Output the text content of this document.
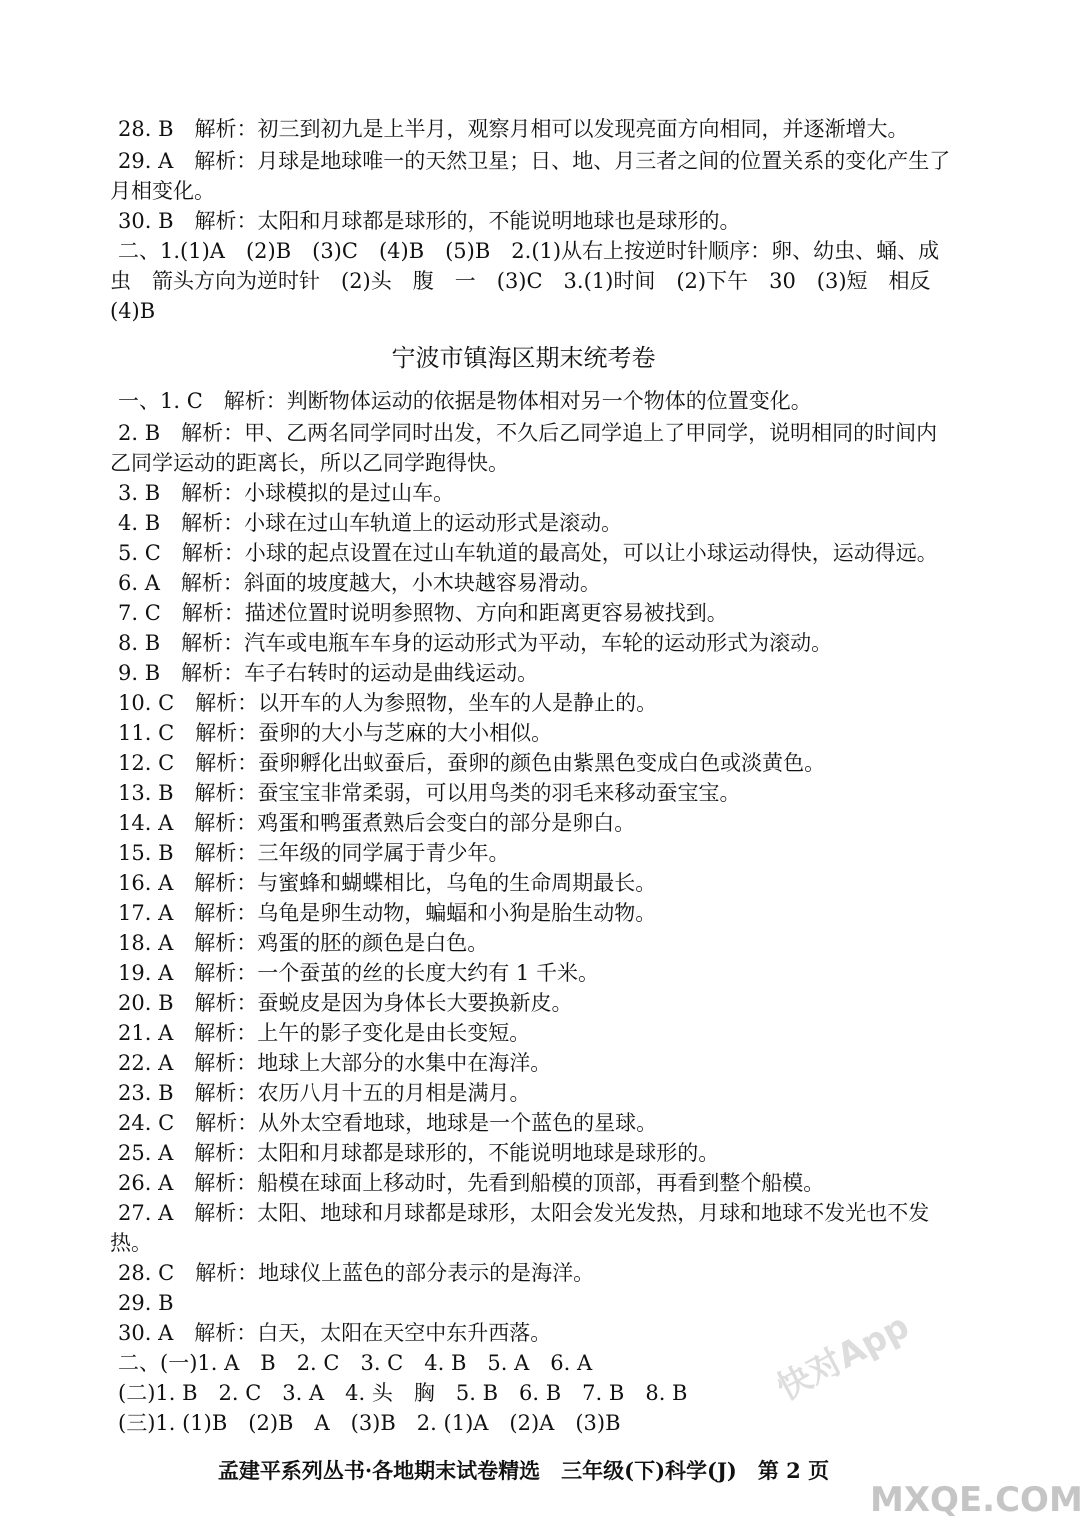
28. B　解析：初三到初九是上半月，观察月相可以发现亮面方向相同，并逐渐增大。
29. A　解析：月球是地球唯一的天然卫星；日、地、月三者之间的位置关系的变化产生了
月相变化。
30. B　解析：太阳和月球都是球形的，不能说明地球也是球形的。
二、1.(1)A　(2)B　(3)C　(4)B　(5)B　2.(1)从右上按逆时针顺序：卵、幼虫、蛹、成
虫　箭头方向为逆时针　(2)头　腹　一　(3)C　3.(1)时间　(2)下午　30　(3)短　相反
(4)B
宁波市镇海区期末统考卷
一、1. C　解析：判断物体运动的依据是物体相对另一个物体的位置变化。
2. B　解析：甲、乙两名同学同时出发，不久后乙同学追上了甲同学，说明相同的时间内
乙同学运动的距离长，所以乙同学跑得快。
3. B　解析：小球模拟的是过山车。
4. B　解析：小球在过山车轨道上的运动形式是滚动。
5. C　解析：小球的起点设置在过山车轨道的最高处，可以让小球运动得快，运动得远。
6. A　解析：斜面的坡度越大，小木块越容易滑动。
7. C　解析：描述位置时说明参照物、方向和距离更容易被找到。
8. B　解析：汽车或电瓶车车身的运动形式为平动，车轮的运动形式为滚动。
9. B　解析：车子右转时的运动是曲线运动。
10. C　解析：以开车的人为参照物，坐车的人是静止的。
11. C　解析：蚕卵的大小与芝麻的大小相似。
12. C　解析：蚕卵孵化出蚁蚕后，蚕卵的颜色由紫黑色变成白色或淡黄色。
13. B　解析：蚕宝宝非常柔弱，可以用鸟类的羽毛来移动蚕宝宝。
14. A　解析：鸡蛋和鸭蛋煮熟后会变白的部分是卵白。
15. B　解析：三年级的同学属于青少年。
16. A　解析：与蜜蜂和蝴蝶相比，乌龟的生命周期最长。
17. A　解析：乌龟是卵生动物，蝙蝠和小狗是胎生动物。
18. A　解析：鸡蛋的胚的颜色是白色。
19. A　解析：一个蚕茧的丝的长度大约有 1 千米。
20. B　解析：蚕蜕皮是因为身体长大要换新皮。
21. A　解析：上午的影子变化是由长变短。
22. A　解析：地球上大部分的水集中在海洋。
23. B　解析：农历八月十五的月相是满月。
24. C　解析：从外太空看地球，地球是一个蓝色的星球。
25. A　解析：太阳和月球都是球形的，不能说明地球是球形的。
26. A　解析：船模在球面上移动时，先看到船模的顶部，再看到整个船模。
27. A　解析：太阳、地球和月球都是球形，太阳会发光发热，月球和地球不发光也不发
热。
28. C　解析：地球仪上蓝色的部分表示的是海洋。
29. B
30. A　解析：白天，太阳在天空中东升西落。
二、(一)1. A　B　2. C　3. C　4. B　5. A　6. A
(二)1. B　2. C　3. A　4. 头　胸　5. B　6. B　7. B　8. B
(三)1. (1)B　(2)B　A　(3)B　2. (1)A　(2)A　(3)B
孟建平系列丛书·各地期末试卷精选　三年级(下)科学(J)　第 2 页
快对App
MXQE.COM
